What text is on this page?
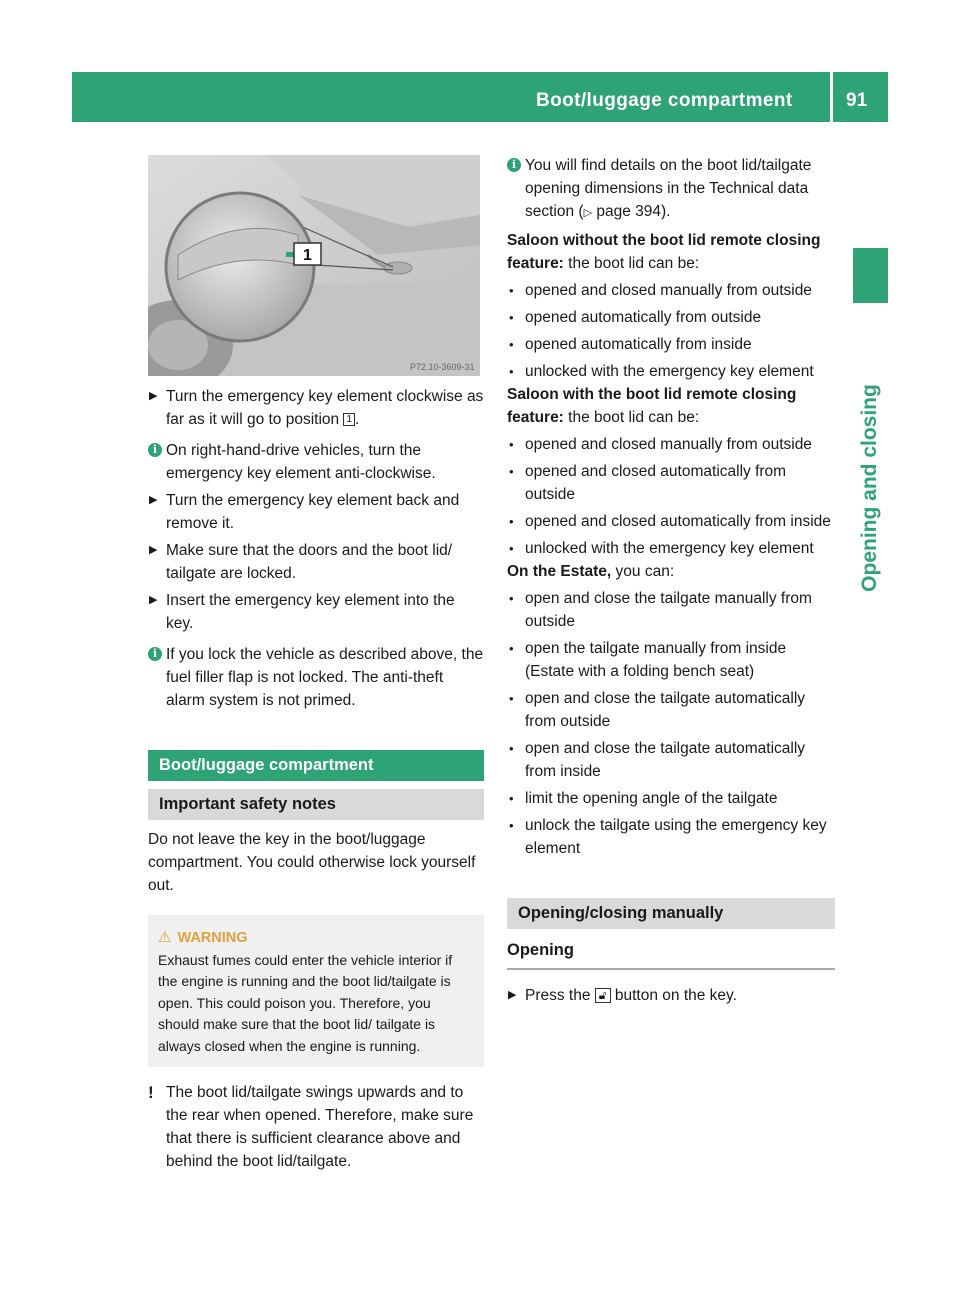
Boot/luggage compartment	91
Opening and closing
1
P72.10-3609-31
▶ Turn the emergency key element clockwise as far as it will go to position 1 .
i On right-hand-drive vehicles, turn the emergency key element anti-clockwise.
▶ Turn the emergency key element back and remove it.
▶ Make sure that the doors and the boot lid/ tailgate are locked.
▶ Insert the emergency key element into the key.
i If you lock the vehicle as described above, the fuel filler flap is not locked. The anti-theft alarm system is not primed.
Boot/luggage compartment
Important safety notes

Do not leave the key in the boot/luggage compartment. You could otherwise lock yourself out.

⚠ WARNING
Exhaust fumes could enter the vehicle interior if the engine is running and the boot lid/tailgate is open. This could poison you. Therefore, you should make sure that the boot lid/ tailgate is always closed when the engine is running.
! The boot lid/tailgate swings upwards and to the rear when opened. Therefore, make sure that there is sufficient clearance above and behind the boot lid/tailgate.
i You will find details on the boot lid/tailgate opening dimensions in the Technical data section (▷ page 394).

Saloon without the boot lid remote closing feature: the boot lid can be:

• opened and closed manually from outside
• opened automatically from outside
• opened automatically from inside
• unlocked with the emergency key element

Saloon with the boot lid remote closing feature: the boot lid can be:

• opened and closed manually from outside
• opened and closed automatically from outside
• opened and closed automatically from inside
• unlocked with the emergency key element

On the Estate, you can:

• open and close the tailgate manually from outside
• open the tailgate manually from inside (Estate with a folding bench seat)
• open and close the tailgate automatically from outside
• open and close the tailgate automatically from inside
• limit the opening angle of the tailgate
• unlock the tailgate using the emergency key element
Opening/closing manually
Opening
▶ Press the 🔓︎ button on the key.
